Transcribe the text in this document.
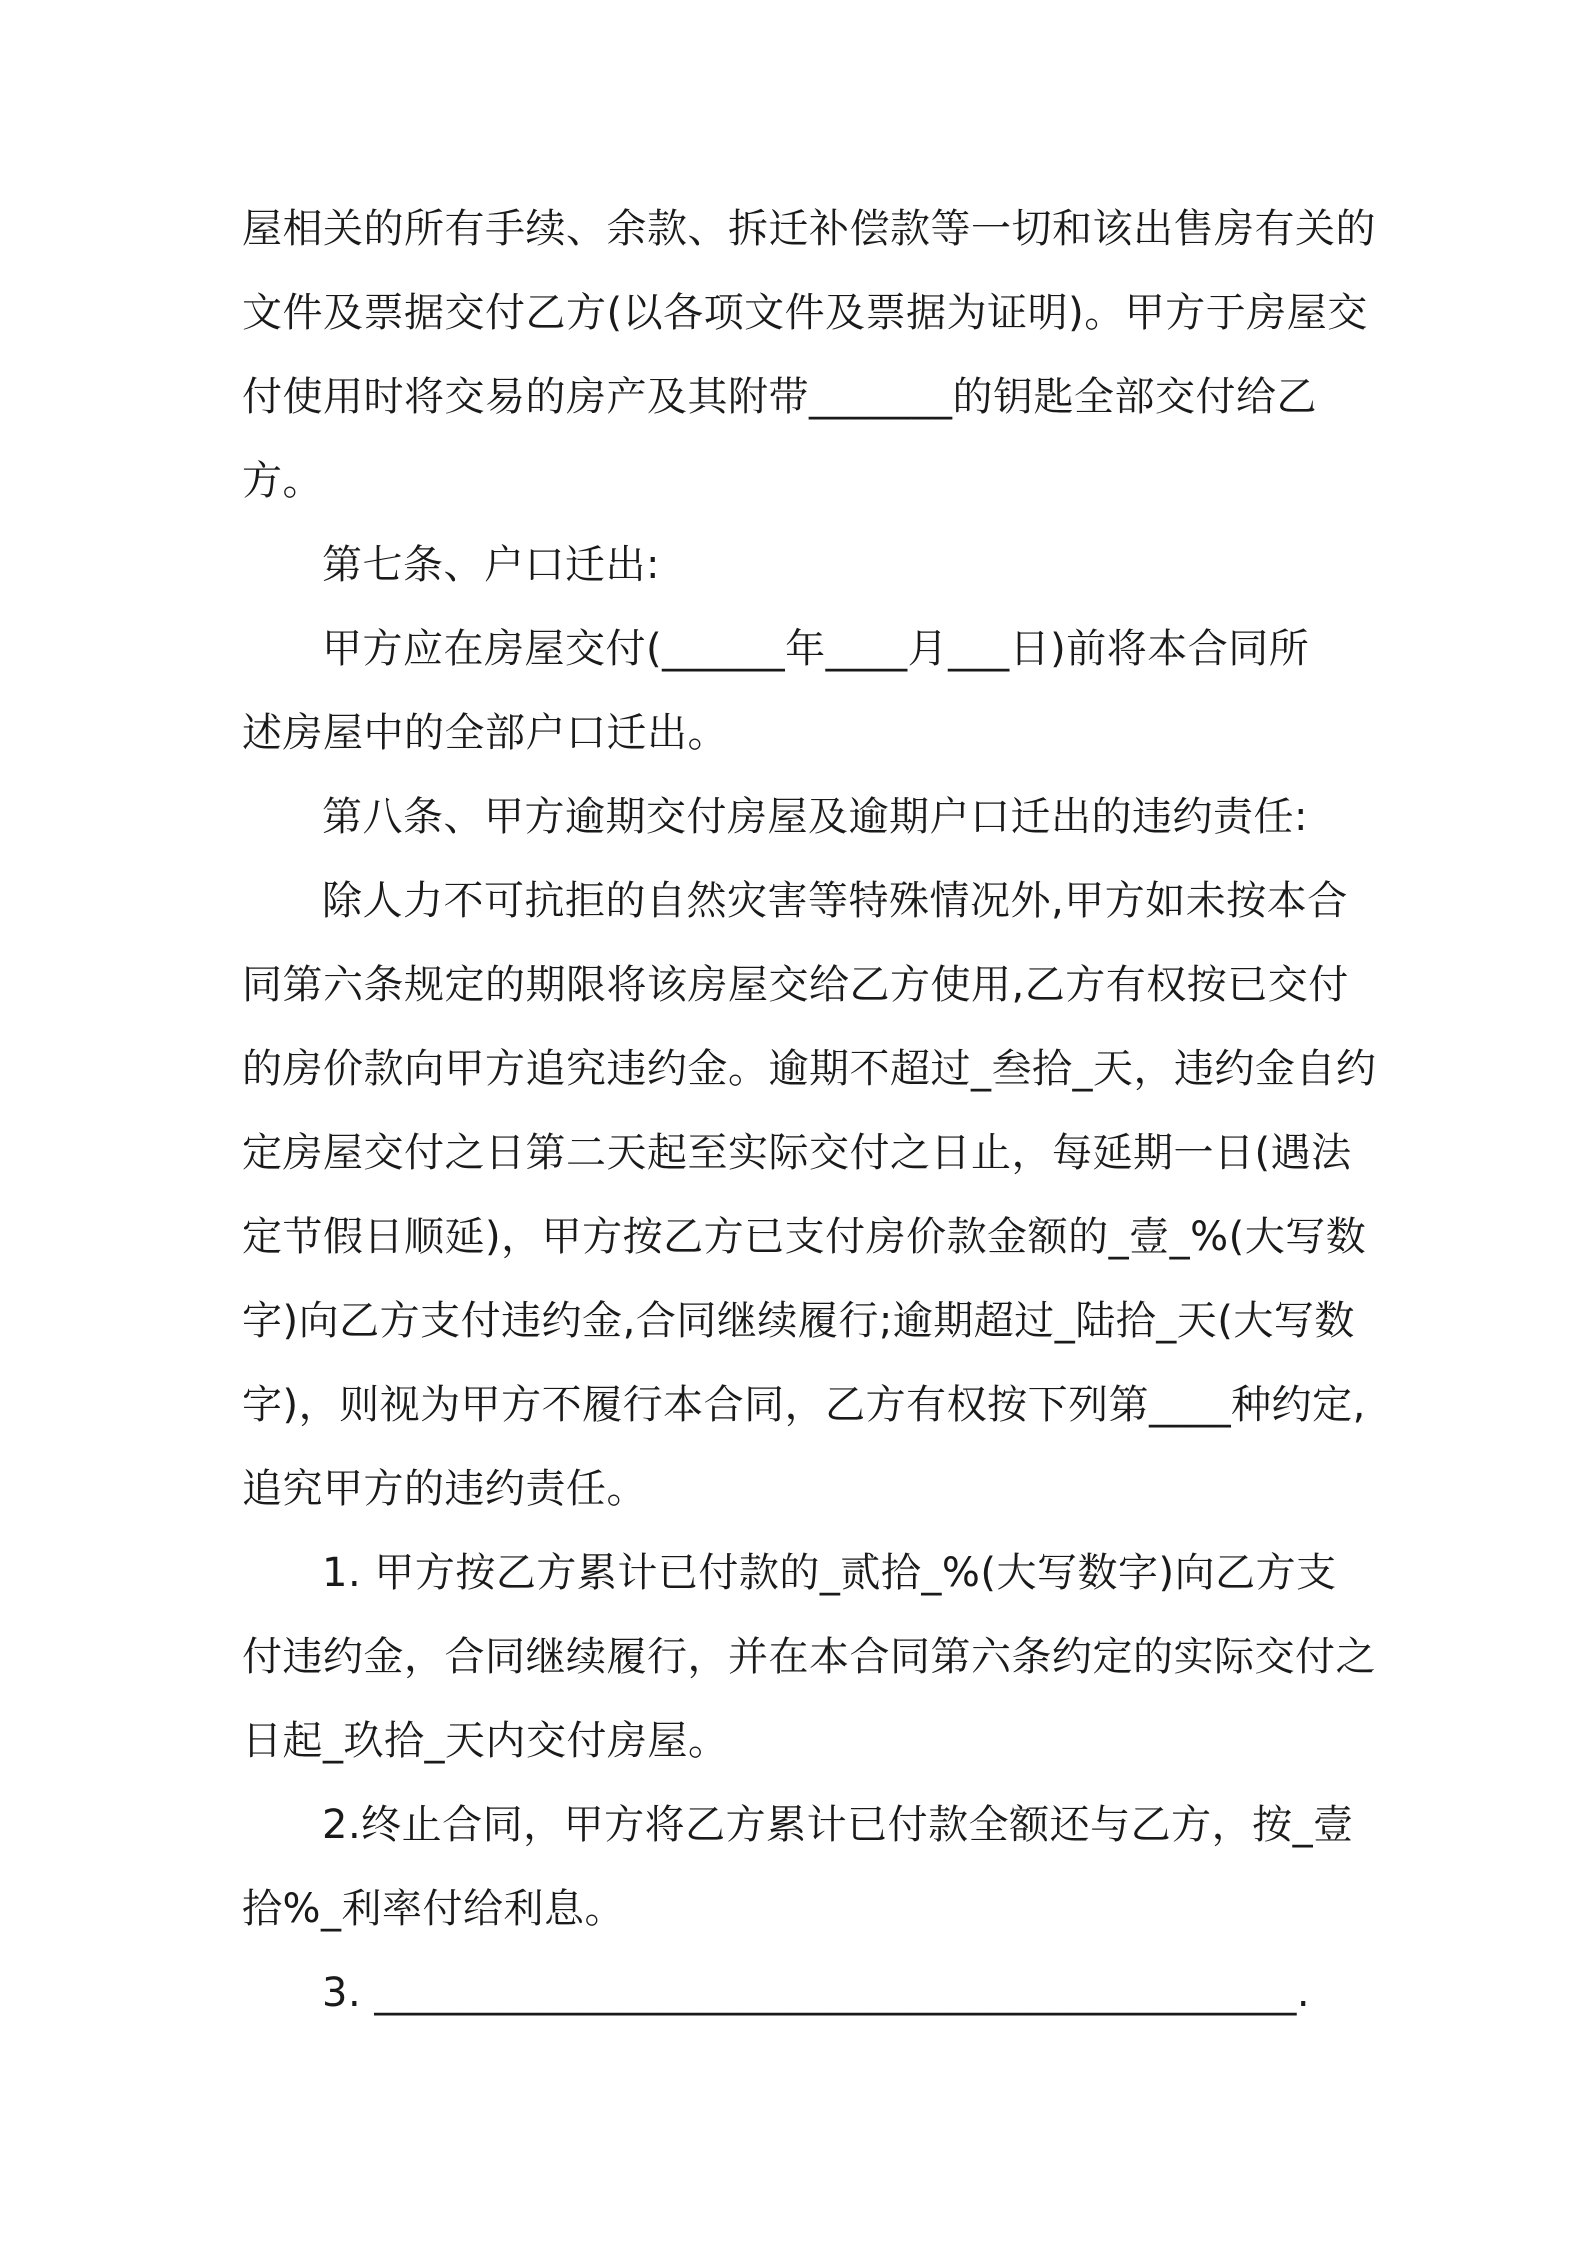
屋相关的所有手续、余款、拆迁补偿款等一切和该出售房有关的
文件及票据交付乙方(以各项文件及票据为证明)。甲方于房屋交
付使用时将交易的房产及其附带_______的钥匙全部交付给乙
方。
第七条、户口迁出:
甲方应在房屋交付(______年____月___日)前将本合同所
述房屋中的全部户口迁出。
第八条、甲方逾期交付房屋及逾期户口迁出的违约责任:
除人力不可抗拒的自然灾害等特殊情况外,甲方如未按本合
同第六条规定的期限将该房屋交给乙方使用,乙方有权按已交付
的房价款向甲方追究违约金。逾期不超过_叁拾_天，违约金自约
定房屋交付之日第二天起至实际交付之日止，每延期一日(遇法
定节假日顺延)，甲方按乙方已支付房价款金额的_壹_%(大写数
字)向乙方支付违约金,合同继续履行;逾期超过_陆拾_天(大写数
字)，则视为甲方不履行本合同，乙方有权按下列第____种约定,
追究甲方的违约责任。
1. 甲方按乙方累计已付款的_贰拾_%(大写数字)向乙方支
付违约金，合同继续履行，并在本合同第六条约定的实际交付之
日起_玖拾_天内交付房屋。
2.终止合同，甲方将乙方累计已付款全额还与乙方，按_壹
拾%_利率付给利息。
3. _____________________________________________.
